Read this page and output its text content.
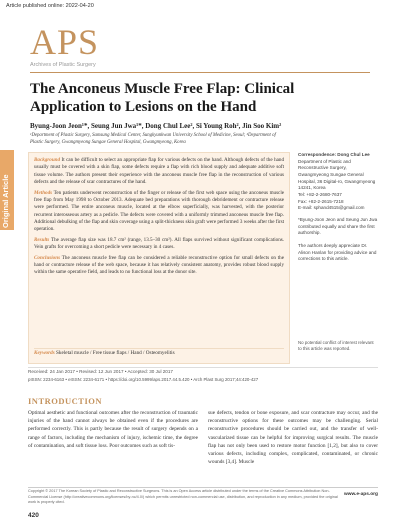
Article published online: 2022-04-20
Original Article
APS
Archives of Plastic Surgery
The Anconeus Muscle Free Flap: Clinical Application to Lesions on the Hand
Byung-Joon Jeon¹*, Seung Jun Jwa¹*, Dong Chul Lee², Si Young Roh², Jin Soo Kim²
¹Department of Plastic Surgery, Samsung Medical Center, Sungkyunkwan University School of Medicine, Seoul; ²Department of Plastic Surgery, Gwangmyeong Sungae General Hospital, Gwangmyeong, Korea

Background It can be difficult to select an appropriate flap for various defects on the hand. Although defects of the hand usually must be covered with a skin flap, some defects require a flap with rich blood supply and adequate additive soft tissue volume. The authors present their experience with the anconeus muscle free flap in the reconstruction of various defects and the release of scar contractures of the hand.

Methods Ten patients underwent reconstruction of the finger or release of the first web space using the anconeus muscle free flap from May 1998 to October 2013. Adequate bed preparations with thorough debridement or contracture release were performed. The entire anconeus muscle, located at the elbow superficially, was harvested, with the posterior recurrent interosseous artery as a pedicle. The defects were covered with a uniformly trimmed anconeus muscle free flap. Additional debulking of the flap and skin coverage using a split-thickness skin graft were performed 3 weeks after the first operation.

Results The average flap size was 18.7 cm² (range, 13.5–30 cm²). All flaps survived without significant complications. Vein grafts for overcoming a short pedicle were necessary in 4 cases.

Conclusions The anconeus muscle free flap can be considered a reliable reconstructive option for small defects on the hand or contracture release of the web space, because it has relatively consistent anatomy, provides robust blood supply within the same operative field, and leads to no functional loss at the donor site.

Keywords Skeletal muscle / Free tissue flaps / Hand / Osteomyelitis
Correspondence: Dong Chul Lee
Department of Plastic and Reconstructive Surgery, Gwangmyeong Sungae General Hospital, 36 Digital-ro, Gwangmyeong 14241, Korea
Tel: +82-2-2680-7637
Fax: +82-2-2615-7218
E-mail: sphand4515@gmail.com
*Byung-Joon Jeon and Seung Jun Jwa contributed equally and share the first authorship.
The authors deeply appreciate Dr. Alison Hanlan for providing advice and corrections to this article.
No potential conflict of interest relevant to this article was reported.
Received: 24 Jan 2017 • Revised: 12 Jun 2017 • Accepted: 30 Jul 2017
pISSN: 2234-6163 • eISSN: 2234-6171 • https://doi.org/10.5999/aps.2017.44.5.420 • Arch Plast Surg 2017;44:420-427
INTRODUCTION
Optimal aesthetic and functional outcomes after the reconstruction of traumatic injuries of the hand cannot always be obtained even if the procedures are performed correctly. This is partly because the result of surgery depends on a range of factors, including the mechanism of injury, ischemic time, the degree of contamination, and soft tissue loss. Poor outcomes such as soft tis-
sue defects, tendon or bone exposure, and scar contracture may occur, and the reconstructive options for these outcomes may be challenging. Serial reconstructive procedures should be carried out, and the transfer of well-vascularized tissue can be helpful for improving surgical results. The muscle flap has not only been used to restore motor function [1,2], but also to cover various defects, including complex, complicated, contaminated, or chronic wounds [3,4]. Muscle
Copyright © 2017 The Korean Society of Plastic and Reconstructive Surgeons. This is an Open Access article distributed under the terms of the Creative Commons Attribution Non-Commercial License (http://creativecommons.org/licenses/by-nc/4.0/) which permits unrestricted non-commercial use, distribution, and reproduction in any medium, provided the original work is properly cited.
www.e-aps.org
420
